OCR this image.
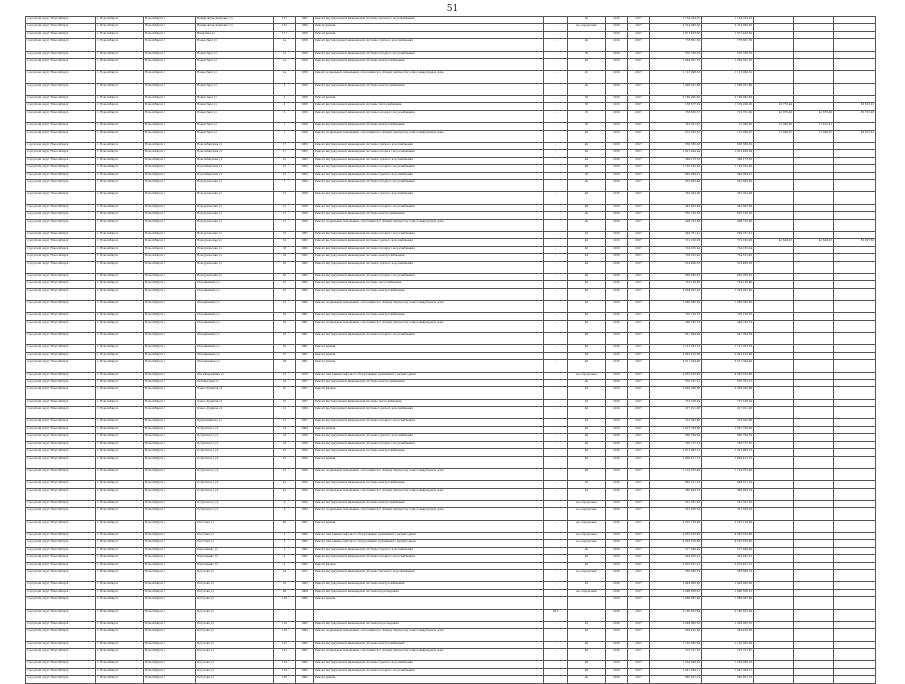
51
городской округ Новосибирск	г. Новосибирск	Новосибирск г	Немировича-Данченко ул	137	1962	Ремонт внутридомовой инженерной системы теплового водоснабжения	-	50	2016	2017	1 134 254,25	1 134 254,25			
городской округ Новосибирск	г. Новосибирск	Новосибирск г	Немировича-Данченко ул	152	1966	Ремонт крыши	-	не определена	2016	2017	2 314 006,50	2 314 006,50			
городской округ Новосибирск	г. Новосибирск	Новосибирск г	Никитина ул	177	1958	Ремонт крыши	-		2016	2017	1 671 493,65	1 671 493,65			
городской округ Новосибирск	г. Новосибирск	Новосибирск г	Новая Заря ул	1а	1958	Ремонт внутридомовой инженерной системы горячего водоснабжения	-	40	2016	2017	778 661,59	778 661,59			
городской округ Новосибирск	г. Новосибирск	Новосибирск г	Новая Заря ул	1а	1958	Ремонт внутридомовой инженерной системы холодного водоснабжения	-	35	2016	2017	676 708,76	676 708,76			
городской округ Новосибирск	г. Новосибирск	Новосибирск г	Новая Заря ул	1а	1958	Ремонт внутридомовой инженерной системы электроснабжения	-	40	2016	2017	1 064 561,76	1 064 561,76			
городской округ Новосибирск	г. Новосибирск	Новосибирск г	Новая Заря ул	1а	1958	Ремонт подвальных помещений, относящихся к общему имуществу в многоквартирном доме	-	45	2016	2017	1 113 098,32	1 113 098,32			
городской округ Новосибирск	г. Новосибирск	Новосибирск г	Новая Заря ул	3	1958	Ремонт внутридомовой инженерной системы электроснабжения	-	40	2016	2017	1 098 051,88	1 098 051,88			
городской округ Новосибирск	г. Новосибирск	Новосибирск г	Новая Заря ул	3	1958	Ремонт крыши	-	50	2016	2017	2 169 945,82	2 169 945,82			
городской округ Новосибирск	г. Новосибирск	Новосибирск г	Новая Заря ул	5	1958	Ремонт внутридомовой инженерной системы теплоснабжения	-	35	2016	2017	136 577,52	1 150 248,00	20 776,44		33 553,21
городской округ Новосибирск	г. Новосибирск	Новосибирск г	Новая Заря ул	5	1959	Ремонт внутридомовой инженерной системы холодного водоснабжения	-	25	2016	2017	758 630,57	712 761,00	42 876,46	42 876,46	85 752,93
городской округ Новосибирск	г. Новосибирск	Новосибирск г	Новая Заря ул	7	1959	Ремонт внутридомовой инженерной системы электроснабжения	-	35	2016	2017	742 551,47	21 368,00	21 368,00	11 615,41	
городской округ Новосибирск	г. Новосибирск	Новосибирск г	Новая Заря ул	7	1959	Ремонт подвальных помещений, относящихся к общему имуществу в многоквартирном доме	-	40	2016	2017	672 032,81	115 266,07	11 508,57	11 508,57	84 972,61
городской округ Новосибирск	г. Новосибирск	Новосибирск г	Новосибирская ул	17	1963	Ремонт внутридомовой инженерной системы горячего водоснабжения	-	40	2016	2017	658 380,02	658 380,02			
городской округ Новосибирск	г. Новосибирск	Новосибирск г	Новосибирская ул	17	1963	Ремонт внутридомовой инженерной системы холодного водоснабжения	-	40	2016	2017	1 021 494,04	1 021 494,04			
городской округ Новосибирск	г. Новосибирск	Новосибирск г	Новосибирская ул	21	1963	Ремонт внутридомовой инженерной системы горячего водоснабжения	-	40	2016	2017	389 173,53	389 173,53			
городской округ Новосибирск	г. Новосибирск	Новосибирск г	Новосибирская ул	21	1963	Ремонт внутридомовой инженерной системы холодного водоснабжения	-	40	2016	2017	1 102 252,62	1 102 252,62			
городской округ Новосибирск	г. Новосибирск	Новосибирск г	Новосибирская ул	21	1963	Ремонт внутридомовой инженерной системы горячего водоснабжения	-	20	2016	2017	849 094,41	849 094,41			
городской округ Новосибирск	г. Новосибирск	Новосибирск г	Новоуральская ул	7	1964	Ремонт внутридомовой инженерной системы холодного водоснабжения	-	40	2016	2017	822 893,46	822 893,46			
городской округ Новосибирск	г. Новосибирск	Новосибирск г	Новоуральская ул	12	1958	Ремонт внутридомовой инженерной системы горячего водоснабжения	-	40	2016	2017	332 004,08	332 004,08			
городской округ Новосибирск	г. Новосибирск	Новосибирск г	Новоуральская ул	12	1958	Ремонт внутридомовой инженерной системы холодного водоснабжения	-	40	2016	2017	442 803,69	442 803,69			
городской округ Новосибирск	г. Новосибирск	Новосибирск г	Новоуральская ул	12	1958	Ремонт внутридомовой инженерной системы электроснабжения	-	40	2016	2017	655 100,50	655 100,50			
городской округ Новосибирск	г. Новосибирск	Новосибирск г	Новоуральская ул	12	1958	Ремонт подвальных помещений, относящихся к общему имуществу в многоквартирном доме	-	40	2016	2017	408 723,38	408 723,38			
городской округ Новосибирск	г. Новосибирск	Новосибирск г	Новоуральская ул	31	1962	Ремонт внутридомовой инженерной системы холодного водоснабжения	-	45	2016	2017	549 761,41	549 761,41			
городской округ Новосибирск	г. Новосибирск	Новосибирск г	Новоуральская ул	31	1962	Ремонт внутридомовой инженерной системы горячего водоснабжения	-	40	2016	2017	721 160,26	721 160,26	42 648,91	42 648,91	85 297,82
городской округ Новосибирск	г. Новосибирск	Новосибирск г	Новоуральская ул	33	1962	Ремонт внутридомовой инженерной системы холодного водоснабжения	-	40	2016	2017	724 165,24	724 165,24			
городской округ Новосибирск	г. Новосибирск	Новосибирск г	Новоуральская ул	33	1962	Ремонт внутридомовой инженерной системы электроснабжения	-	45	2016	2017	704 612,45	704 612,45			
городской округ Новосибирск	г. Новосибирск	Новосибирск г	Новоуральская ул	33	1962	Ремонт внутридомовой инженерной системы горячего водоснабжения	-	40	2016	2017	514 460,33	514 460,33			
городской округ Новосибирск	г. Новосибирск	Новосибирск г	Новоуральская ул	35	1963	Ремонт внутридомовой инженерной системы холодного водоснабжения	-	40	2016	2017	895 026,81	895 026,81			
городской округ Новосибирск	г. Новосибирск	Новосибирск г	Объединения ул	31	1960	Ремонт внутридомовой инженерной системы теплоснабжения	-	40	2016	2017	754 149,86	754 149,86			
городской округ Новосибирск	г. Новосибирск	Новосибирск г	Объединения ул	31	1960	Ремонт внутридомовой инженерной системы электроснабжения	-	40	2016	2017	1 004 052,92	1 004 052,92			
городской округ Новосибирск	г. Новосибирск	Новосибирск г	Объединения ул	31	1960	Ремонт подвальных помещений, относящихся к общему имуществу в многоквартирном доме	-	45	2016	2017	1 066 395,30	1 066 395,30			
городской округ Новосибирск	г. Новосибирск	Новосибирск г	Объединения ул	33	1961	Ремонт внутридомовой инженерной системы электроснабжения	-	40	2016	2017	720 126,76	720 126,76			
городской округ Новосибирск	г. Новосибирск	Новосибирск г	Объединения ул	33	1961	Ремонт подвальных помещений, относящихся к общему имуществу в многоквартирном доме	-	40	2016	2017	490 782,74	490 782,74			
городской округ Новосибирск	г. Новосибирск	Новосибирск г	Объединения ул	35	1961	Ремонт внутридомовой инженерной системы холодного водоснабжения	-	40	2016	2017	641 994,84	641 994,84			
городской округ Новосибирск	г. Новосибирск	Новосибирск г	Объединения ул	35	1961	Ремонт крыши	-	40	2016	2017	1 151 352,73	1 151 352,73			
городской округ Новосибирск	г. Новосибирск	Новосибирск г	Объединения ул	37	1961	Ремонт крыши	-	40	2016	2017	2 042 470,90	2 042 470,90			
городской округ Новосибирск	г. Новосибирск	Новосибирск г	Объединения ул	39	1961	Ремонт крыши	-	40	2016	2017	2 011 394,48	2 011 394,48			
городской округ Новосибирск	г. Новосибирск	Новосибирск г	Обь-набережная ул	13	1970	Ремонт или замена лифтового оборудования, признанного непригодным	-	не определена	2016	2017	4 055 679,80	4 055 679,80			
городской округ Новосибирск	г. Новосибирск	Новосибирск г	Октябрьская ул	22	1957	Ремонт внутридомовой инженерной системы электроснабжения	-	40	2016	2017	670 701,21	670 701,21			
городской округ Новосибирск	г. Новосибирск	Новосибирск г	Олеко Дундича ул	27	1957	Ремонт фасада	-	45	2016	2017	2 663 308,88	2 663 308,88			
городской округ Новосибирск	г. Новосибирск	Новосибирск г	Олеко Дундича ул	27	1957	Ремонт внутридомовой инженерной системы теплоснабжения	-	45	2016	2017	715 108,29	715 108,29			
городской округ Новосибирск	г. Новосибирск	Новосибирск г	Олеко Дундича ул	12	1964	Ремонт внутридомовой инженерной системы горячего водоснабжения	-	40	2016	2017	317 911,28	317 911,28			
городской округ Новосибирск	г. Новосибирск	Новосибирск г	Орджоникидзе ул	12	1957	Ремонт внутридомовой инженерной системы холодного водоснабжения	-	45	2016	2017	513 343,06	513 343,06			
городской округ Новосибирск	г. Новосибирск	Новосибирск г	Островского ул	14	1964	Ремонт крыши	-	40	2016	2017	1 827 709,60	1 827 709,60			
городской округ Новосибирск	г. Новосибирск	Новосибирск г	Островского ул	18	1959	Ремонт внутридомовой инженерной системы горячего водоснабжения	-	40	2016	2017	890 794,52	890 794,52			
городской округ Новосибирск	г. Новосибирск	Новосибирск г	Островского ул	18	1959	Ремонт внутридомовой инженерной системы холодного водоснабжения	-	40	2016	2017	726 717,31	726 717,31			
городской округ Новосибирск	г. Новосибирск	Новосибирск г	Островского ул	18	1959	Ремонт внутридомовой инженерной системы электроснабжения	-	40	2016	2017	1 012 965,13	1 012 965,13			
городской округ Новосибирск	г. Новосибирск	Новосибирск г	Островского ул	18	1959	Ремонт крыши	-	40	2016	2017	1 926 411,72	1 926 411,72			
городской округ Новосибирск	г. Новосибирск	Новосибирск г	Островского ул	31	1959	Ремонт подвальных помещений, относящихся к общему имуществу в многоквартирном доме	-	40	2016	2017	1 119 075,48	1 119 075,48			
городской округ Новосибирск	г. Новосибирск	Новосибирск г	Островского ул	41	1959	Ремонт внутридомовой инженерной системы электроснабжения	-	20	2016	2017	848 311,19	848 311,19			
городской округ Новосибирск	г. Новосибирск	Новосибирск г	Островского ул	41	1959	Ремонт подвальных помещений, относящихся к общему имуществу в многоквартирном доме	-	45	2016	2017	460 604,74	460 604,74			
городской округ Новосибирск	г. Новосибирск	Новосибирск г	Островского ул	9	1953	Ремонт внутридомовой инженерной системы электроснабжения	-	не определена	2016	2017	501 301,63	501 301,63			
городской округ Новосибирск	г. Новосибирск	Новосибирск г	Островского ул	9	1953	Ремонт подвальных помещений, относящихся к общему имуществу в многоквартирном доме	-	не определена	2016	2017	331 826,54	331 826,54			
городской округ Новосибирск	г. Новосибирск	Новосибирск г	Охотская ул	80	1962	Ремонт крыши	-	не определена	2016	2017	2 525 128,09	2 525 128,09			
городской округ Новосибирск	г. Новосибирск	Новосибирск г	Охотская ул	3	1960	Ремонт или замена лифтового оборудования, признанного непригодным	-	не определена	2016	2017	4 055 679,80	4 055 679,80			
городской округ Новосибирск	г. Новосибирск	Новосибирск г	Охотская ул	3	1960	Ремонт или замена лифтового оборудования, признанного непригодным	-	не определена	2016	2017	4 055 679,80	4 055 679,80			
городской округ Новосибирск	г. Новосибирск	Новосибирск г	Пархоменко ул	2	1962	Ремонт внутридомовой инженерной системы горячего водоснабжения	-	40	2016	2017	517 848,49	517 848,49			
городской округ Новосибирск	г. Новосибирск	Новосибирск г	Пархоменко ул	2	1962	Ремонт внутридомовой инженерной системы холодного водоснабжения	-	40	2016	2017	424 835,21	424 835,21			
городской округ Новосибирск	г. Новосибирск	Новосибирск г	Пархоменко ул	2	1962	Ремонт фасада	-	40	2016	2017	2 616 431,21	2 616 431,21			
городской округ Новосибирск	г. Новосибирск	Новосибирск г	Петухова ул	14	1971	Ремонт внутридомовой инженерной системы теплового водоснабжения	-	не определена	2016	2017	350 660,74	350 660,74			
городской округ Новосибирск	г. Новосибирск	Новосибирск г	Петухова ул	16	1963	Ремонт внутридомовой инженерной системы электроснабжения	-	45	2016	2017	1 043 928,00	1 043 928,00			
городской округ Новосибирск	г. Новосибирск	Новосибирск г	Петухова ул	56	1984	Ремонт внутридомовой инженерной системы водоотведения	-	не определена	2016	2017	1 096 556,61	1 096 556,61			
городской округ Новосибирск	г. Новосибирск	Новосибирск г	Петухова ул	118	1985	Ремонт крыши	-		2016	2017	1 668 987,90	1 668 987,90			
городской округ Новосибирск	г. Новосибирск	Новосибирск г	Петухова ул				ПГТ		2016	2017	2 160 652,64	2 160 652,64			
городской округ Новосибирск	г. Новосибирск	Новосибирск г	Петухова ул	118	1985	Ремонт внутридомовой инженерной системы водоотведения	-	45	2016	2017	1 093 002,52	1 093 002,52			
городской округ Новосибирск	г. Новосибирск	Новосибирск г	Петухова ул	118	1984	Ремонт подвальных помещений, относящихся к общему имуществу в многоквартирном доме	-	45	2016	2017	994 432,58	994 432,58			
городской округ Новосибирск	г. Новосибирск	Новосибирск г	Петухова ул	122	1962	Ремонт внутридомовой инженерной системы электроснабжения	-	40	2016	2017	1 135 062,84	1 135 062,84			
городской округ Новосибирск	г. Новосибирск	Новосибирск г	Петухова ул	122	1962	Ремонт подвальных помещений, относящихся к общему имуществу в многоквартирном доме	-	40	2016	2017	275 721,67	275 721,67			
городской округ Новосибирск	г. Новосибирск	Новосибирск г	Петухова ул	124	1962	Ремонт внутридомовой инженерной системы горячего водоснабжения	-	40	2016	2017	1 054 098,03	1 054 098,03			
городской округ Новосибирск	г. Новосибирск	Новосибирск г	Петухова ул	124	1962	Ремонт внутридомовой инженерной системы холодного водоснабжения	-	40	2016	2017	1 041 384,11	1 041 384,11			
городской округ Новосибирск	г. Новосибирск	Новосибирск г	Петухова ул	130	1962	Ремонт крыши	-	40	2016	2017	965 821,12	965 821,12			
